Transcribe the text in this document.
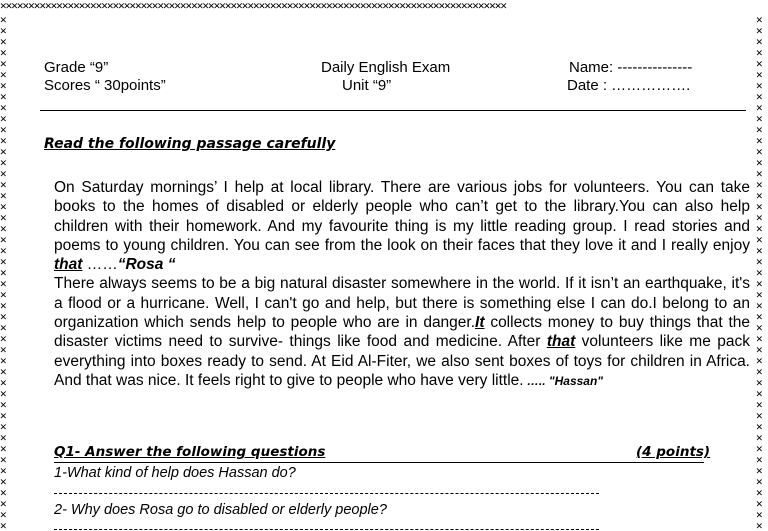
✕✕✕✕✕✕✕✕✕✕✕✕✕✕✕✕✕✕✕✕✕✕✕✕✕✕✕✕✕✕✕✕✕✕✕✕✕✕✕✕✕✕✕✕✕✕✕✕✕✕✕✕✕✕✕✕✕✕✕✕✕✕✕✕✕✕✕✕✕✕✕✕✕✕✕✕✕✕✕✕✕✕✕✕✕✕✕✕✕✕
✕
✕
✕
✕
✕
✕
✕
✕
✕
✕
✕
✕
✕
✕
✕
✕
✕
✕
✕
✕
✕
✕
✕
✕
✕
✕
✕
✕
✕
✕
✕
✕
✕
✕
✕
✕
✕
✕
✕
✕
✕
✕
✕
✕
✕
✕
✕
✕
✕
✕
✕
✕
✕
✕
✕
✕
✕
✕
✕
✕
✕
✕
✕
✕
✕
✕
✕
✕
✕
✕
✕
✕
✕
✕
✕
✕
✕
✕
✕
✕
✕
✕
✕
✕
✕
✕
✕
✕
✕
✕
✕
✕
✕
✕
Grade “9”
Scores “ 30points”
Daily English Exam
Unit “9”
Name: ---------------
Date : …………….
Read the following passage carefully
On Saturday mornings’ I help at local library. There are various jobs for volunteers. You can take books to the homes of disabled or elderly people who can’t get to the library.You can also help children with their homework. And my favourite thing is my little reading group. I read stories and poems to young children. You can see from the look on their faces that they love it and I really enjoy that ……“Rosa “
There always seems to be a big natural disaster somewhere in the world. If it isn’t an earthquake, it's a flood or a hurricane. Well, I can't go and help, but there is something else I can do.I belong to an organization which sends help to people who are in danger.It collects money to buy things that the disaster victims need to survive- things like food and medicine. After that volunteers like me pack everything into boxes ready to send. At Eid Al-Fiter, we also sent boxes of toys for children in Africa. And that was nice. It feels right to give to people who have very little. ….. "Hassan"
Q1- Answer the following questions	(4 points)
1-What kind of help does Hassan do?
2- Why does Rosa go to disabled or elderly people?
